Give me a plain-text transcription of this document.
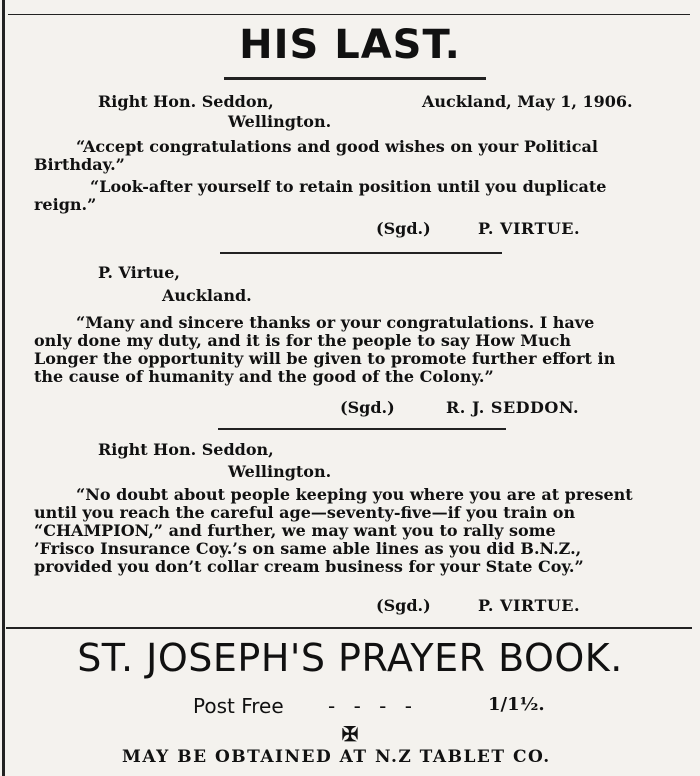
HIS LAST.
Right Hon. Seddon,	Auckland, May 1, 1906.
Wellington.
“Accept congratulations and good wishes on your Political
Birthday.”
“Look-after yourself to retain position until you duplicate
reign.”
(Sgd.)	P. VIRTUE.
P. Virtue,
Auckland.
“Many and sincere thanks or your congratulations. I have
only done my duty, and it is for the people to say How Much
Longer the opportunity will be given to promote further effort in
the cause of humanity and the good of the Colony.”
(Sgd.)	R. J. SEDDON.
Right Hon. Seddon,
Wellington.
“No doubt about people keeping you where you are at present
until you reach the careful age—seventy-five—if you train on
“CHAMPION,” and further, we may want you to rally some
’Frisco Insurance Coy.’s on same able lines as you did B.N.Z.,
provided you don’t collar cream business for your State Coy.”
(Sgd.)	P. VIRTUE.
ST. JOSEPH'S PRAYER BOOK.
Post Free - - - -	1/1½.
✠
MAY BE OBTAINED AT N.Z TABLET CO.
